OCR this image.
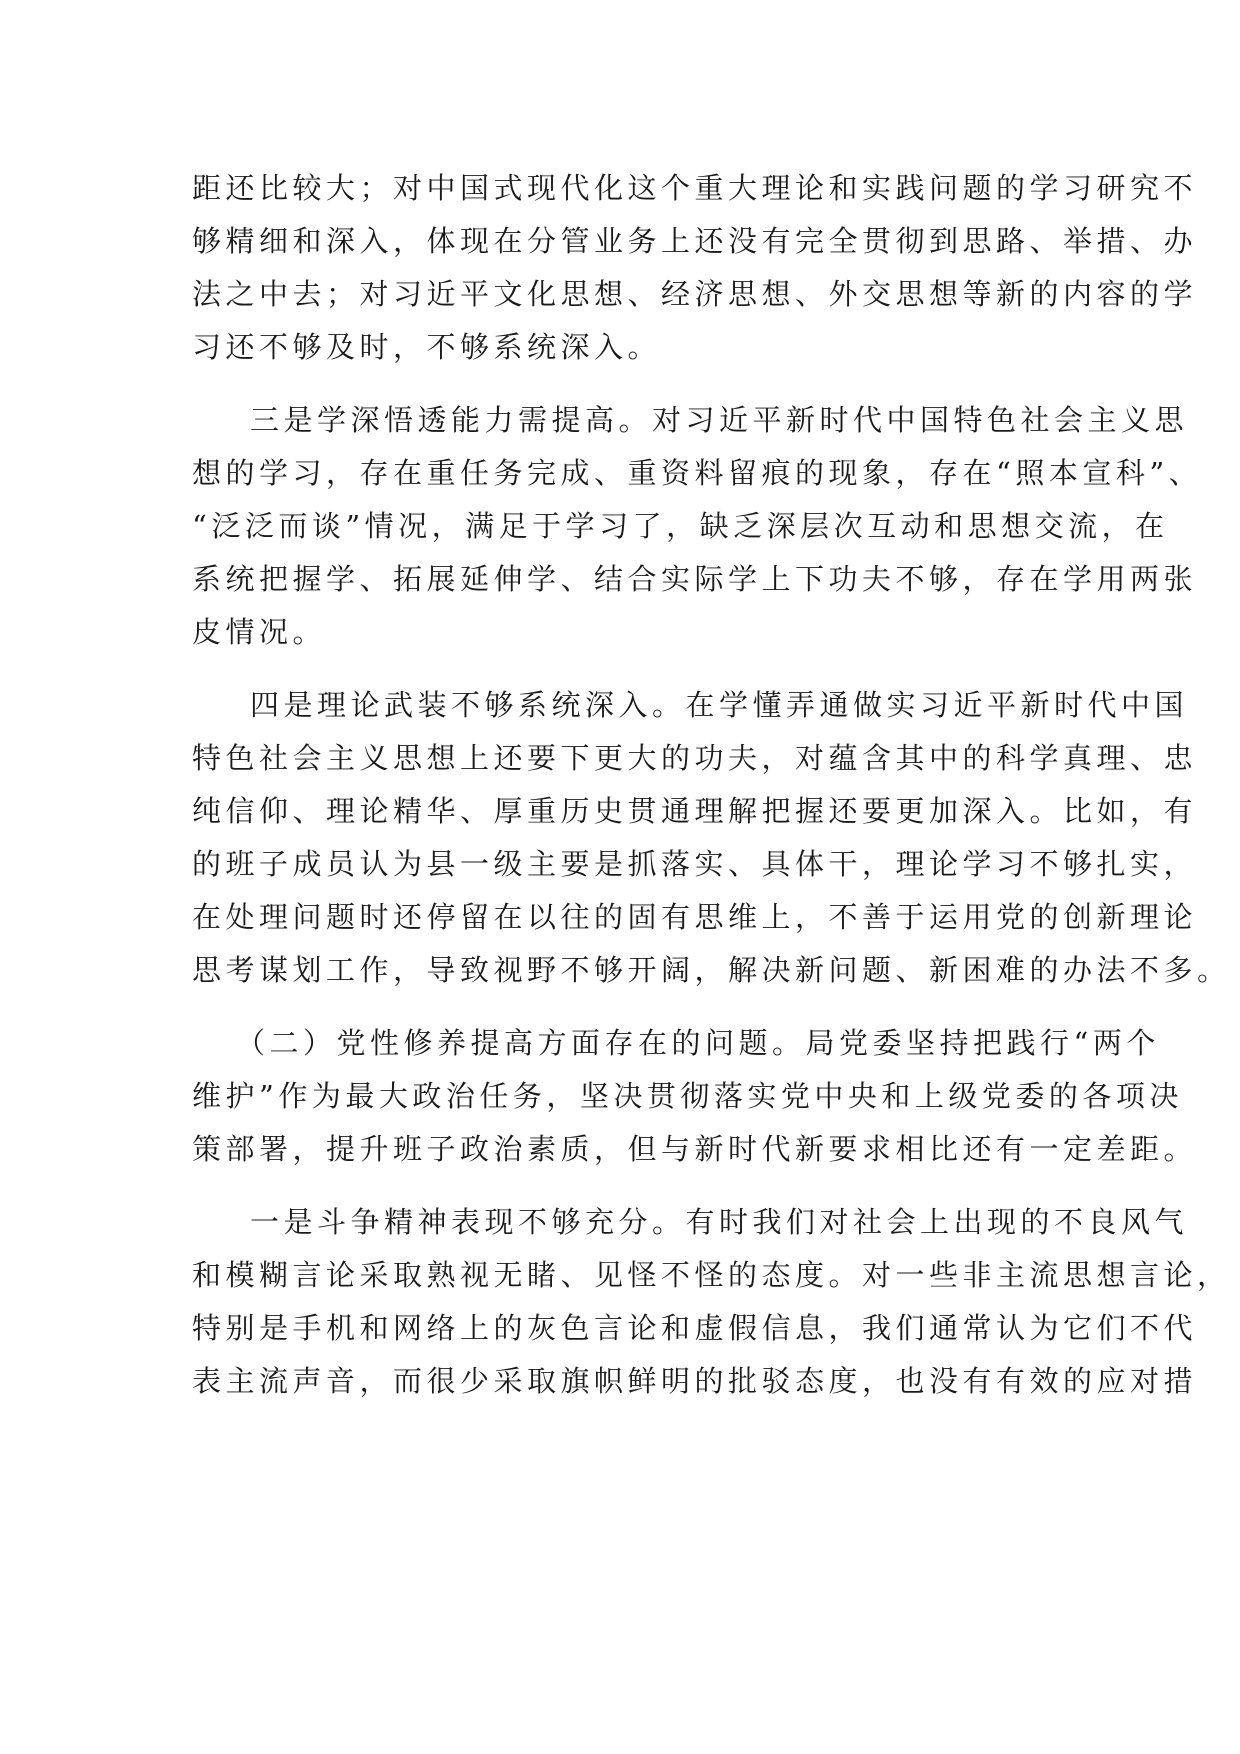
距还比较大；对中国式现代化这个重大理论和实践问题的学习研究不
够精细和深入，体现在分管业务上还没有完全贯彻到思路、举措、办
法之中去；对习近平文化思想、经济思想、外交思想等新的内容的学
习还不够及时，不够系统深入。
三是学深悟透能力需提高。对习近平新时代中国特色社会主义思
想的学习，存在重任务完成、重资料留痕的现象，存在“照本宣科”、
“泛泛而谈”情况，满足于学习了，缺乏深层次互动和思想交流，在
系统把握学、拓展延伸学、结合实际学上下功夫不够，存在学用两张
皮情况。
四是理论武装不够系统深入。在学懂弄通做实习近平新时代中国
特色社会主义思想上还要下更大的功夫，对蕴含其中的科学真理、忠
纯信仰、理论精华、厚重历史贯通理解把握还要更加深入。比如，有
的班子成员认为县一级主要是抓落实、具体干，理论学习不够扎实，
在处理问题时还停留在以往的固有思维上，不善于运用党的创新理论
思考谋划工作，导致视野不够开阔，解决新问题、新困难的办法不多。
（二）党性修养提高方面存在的问题。局党委坚持把践行“两个
维护”作为最大政治任务，坚决贯彻落实党中央和上级党委的各项决
策部署，提升班子政治素质，但与新时代新要求相比还有一定差距。
一是斗争精神表现不够充分。有时我们对社会上出现的不良风气
和模糊言论采取熟视无睹、见怪不怪的态度。对一些非主流思想言论，
特别是手机和网络上的灰色言论和虚假信息，我们通常认为它们不代
表主流声音，而很少采取旗帜鲜明的批驳态度，也没有有效的应对措
